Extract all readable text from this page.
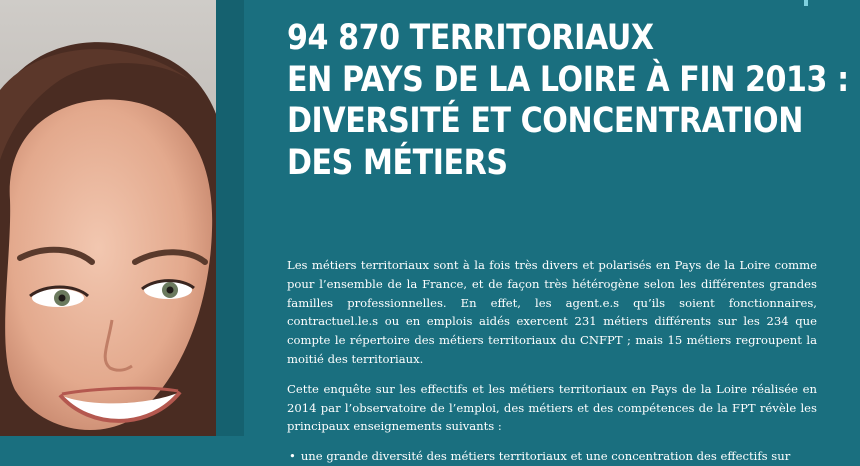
94 870 TERRITORIAUX
EN PAYS DE LA LOIRE À FIN 2013 :
DIVERSITÉ ET CONCENTRATION
DES MÉTIERS

Les métiers territoriaux sont à la fois très divers et polarisés en Pays de la Loire comme pour l’ensemble de la France, et de façon très hétérogène selon les différentes grandes familles professionnelles. En effet, les agent.e.s qu’ils soient fonctionnaires, contractuel.le.s ou en emplois aidés exercent 231 métiers différents sur les 234 que compte le répertoire des métiers territoriaux du CNFPT ; mais 15 métiers regroupent la moitié des territoriaux.

Cette enquête sur les effectifs et les métiers territoriaux en Pays de la Loire réalisée en 2014 par l’observatoire de l’emploi, des métiers et des compétences de la FPT révèle les principaux enseignements suivants :

• une grande diversité des métiers territoriaux et une concentration des effectifs sur
